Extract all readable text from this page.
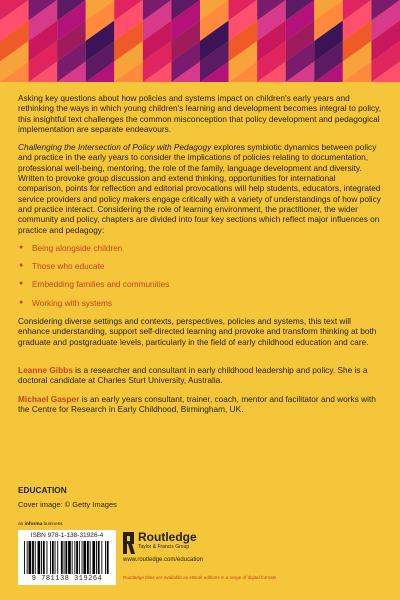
Asking key questions about how policies and systems impact on children's early years and rethinking the ways in which young children's learning and development becomes integral to policy, this insightful text challenges the common misconception that policy development and pedagogical implementation are separate endeavours.

Challenging the Intersection of Policy with Pedagogy explores symbiotic dynamics between policy and practice in the early years to consider the implications of policies relating to documentation, professional well-being, mentoring, the role of the family, language development and diversity. Written to provoke group discussion and extend thinking, opportunities for international comparison, points for reflection and editorial provocations will help students, educators, integrated service providers and policy makers engage critically with a variety of understandings of how policy and practice interact. Considering the role of learning environment, the practitioner, the wider community and policy, chapters are divided into four key sections which reflect major influences on practice and pedagogy:

● Being alongside children
● Those who educate
● Embedding families and communities
● Working with systems

Considering diverse settings and contexts, perspectives, policies and systems, this text will enhance understanding, support self-directed learning and provoke and transform thinking at both graduate and postgraduate levels, particularly in the field of early childhood education and care.

Leanne Gibbs is a researcher and consultant in early childhood leadership and policy. She is a doctoral candidate at Charles Sturt University, Australia.

Michael Gasper is an early years consultant, trainer, coach, mentor and facilitator and works with the Centre for Research in Early Childhood, Birmingham, UK.

EDUCATION
Cover image: © Getty Images
an informa business
ISBN 978-1-138-31926-4
9 781138 319264
Routledge
Taylor & Francis Group
www.routledge.com/education
Routledge titles are available as eBook editions in a range of digital formats
